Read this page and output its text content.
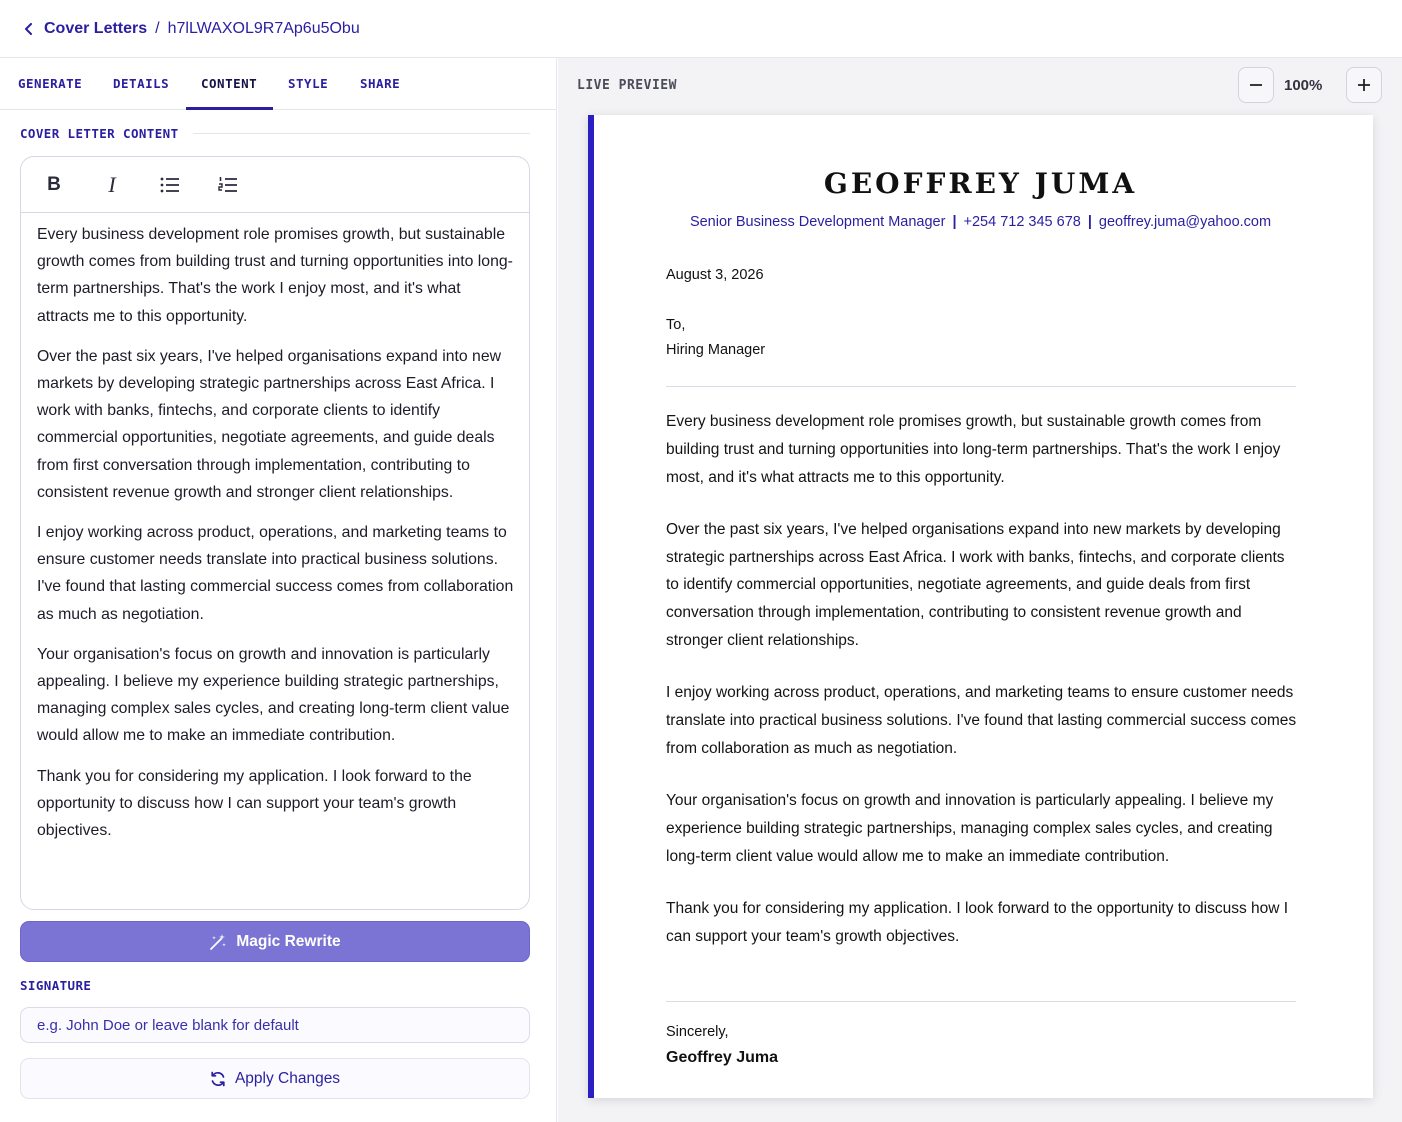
Cover Letters / h7lLWAXOL9R7Ap6u5Obu
GENERATE DETAILS	CONTENT STYLE	SHARE
COVER LETTER CONTENT
B	I

Every business development role promises growth, but sustainable growth comes from building trust and turning opportunities into long-term partnerships. That's the work I enjoy most, and it's what attracts me to this opportunity.

Over the past six years, I've helped organisations expand into new markets by developing strategic partnerships across East Africa. I work with banks, fintechs, and corporate clients to identify commercial opportunities, negotiate agreements, and guide deals from first conversation through implementation, contributing to consistent revenue growth and stronger client relationships.

I enjoy working across product, operations, and marketing teams to ensure customer needs translate into practical business solutions. I've found that lasting commercial success comes from collaboration as much as negotiation.

Your organisation's focus on growth and innovation is particularly appealing. I believe my experience building strategic partnerships, managing complex sales cycles, and creating long-term client value would allow me to make an immediate contribution.

Thank you for considering my application. I look forward to the opportunity to discuss how I can support your team's growth objectives.

Magic Rewrite
SIGNATURE
e.g. John Doe or leave blank for default
Apply Changes
LIVE PREVIEW	100%
GEOFFREY JUMA
Senior Business Development Manager | +254 712 345 678 | geoffrey.juma@yahoo.com
August 3, 2026
To,
Hiring Manager

Every business development role promises growth, but sustainable growth comes from building trust and turning opportunities into long-term partnerships. That's the work I enjoy most, and it's what attracts me to this opportunity.

Over the past six years, I've helped organisations expand into new markets by developing strategic partnerships across East Africa. I work with banks, fintechs, and corporate clients to identify commercial opportunities, negotiate agreements, and guide deals from first conversation through implementation, contributing to consistent revenue growth and stronger client relationships.

I enjoy working across product, operations, and marketing teams to ensure customer needs translate into practical business solutions. I've found that lasting commercial success comes from collaboration as much as negotiation.

Your organisation's focus on growth and innovation is particularly appealing. I believe my experience building strategic partnerships, managing complex sales cycles, and creating long-term client value would allow me to make an immediate contribution.

Thank you for considering my application. I look forward to the opportunity to discuss how I can support your team's growth objectives.

Sincerely,
Geoffrey Juma
